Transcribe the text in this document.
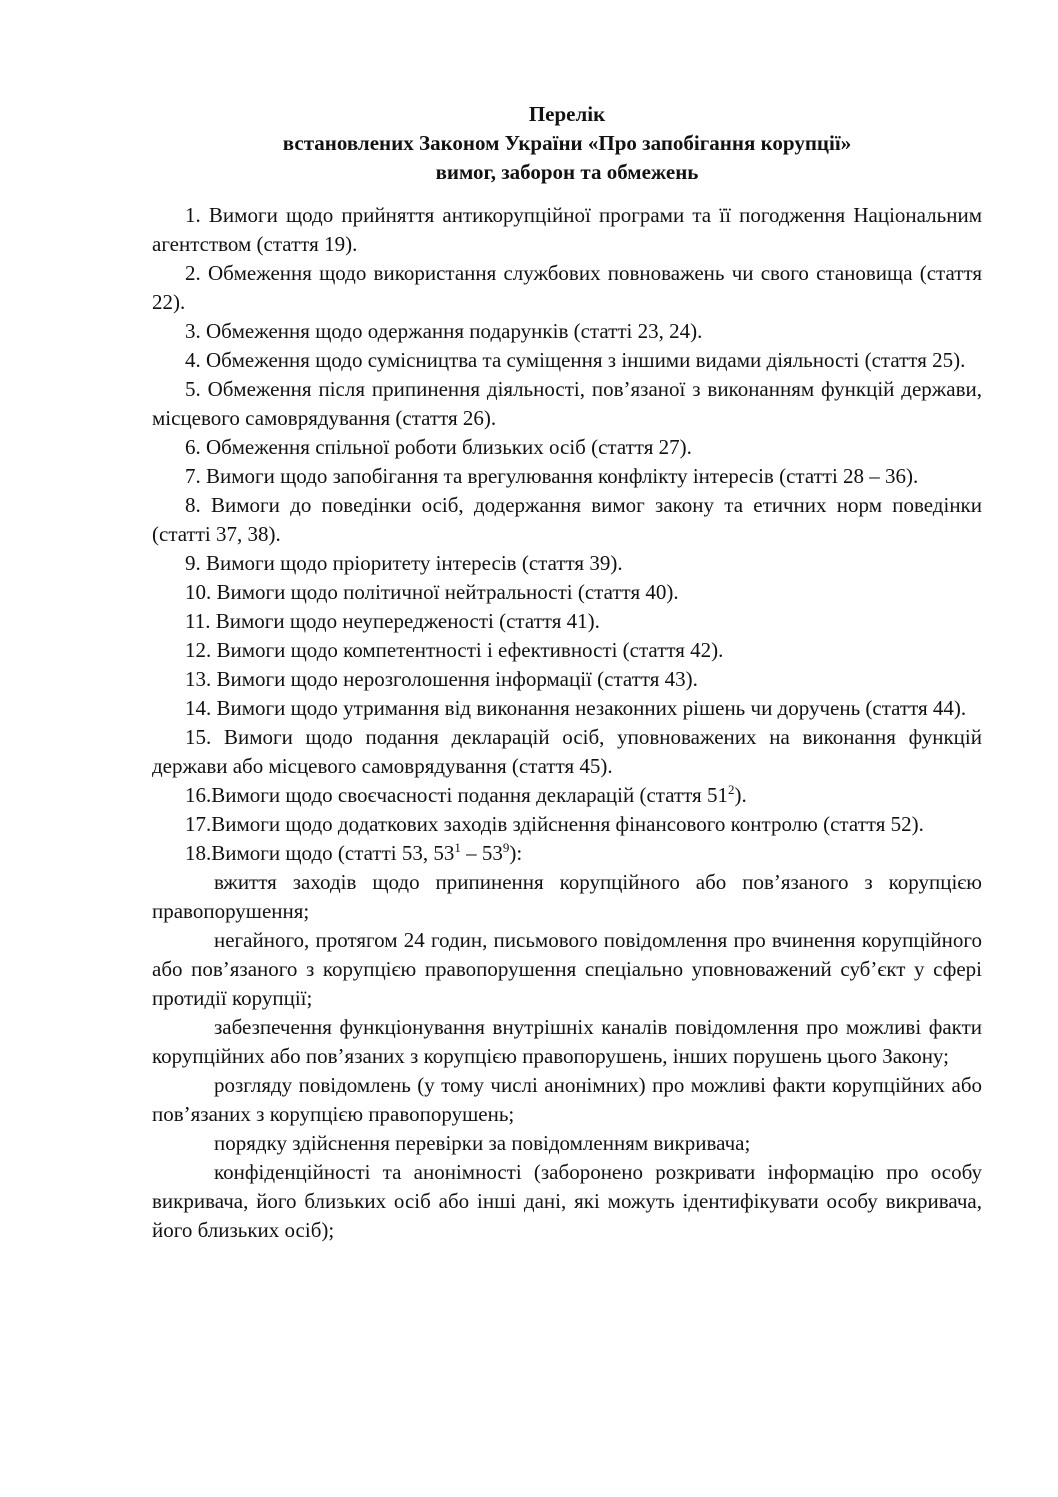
Перелік
встановлених Законом України «Про запобігання корупції»
вимог, заборон та обмежень

1. Вимоги щодо прийняття антикорупційної програми та її погодження Національним агентством (стаття 19).

2. Обмеження щодо використання службових повноважень чи свого становища (стаття 22).

3. Обмеження щодо одержання подарунків (статті 23, 24).

4. Обмеження щодо сумісництва та суміщення з іншими видами діяльності (стаття 25).

5. Обмеження після припинення діяльності, пов’язаної з виконанням функцій держави, місцевого самоврядування (стаття 26).

6. Обмеження спільної роботи близьких осіб (стаття 27).

7. Вимоги щодо запобігання та врегулювання конфлікту інтересів (статті 28 – 36).

8. Вимоги до поведінки осіб, додержання вимог закону та етичних норм поведінки (статті 37, 38).

9. Вимоги щодо пріоритету інтересів (стаття 39).

10. Вимоги щодо політичної нейтральності (стаття 40).

11. Вимоги щодо неупередженості (стаття 41).

12. Вимоги щодо компетентності і ефективності (стаття 42).

13. Вимоги щодо нерозголошення інформації (стаття 43).

14. Вимоги щодо утримання від виконання незаконних рішень чи доручень (стаття 44).

15. Вимоги щодо подання декларацій осіб, уповноважених на виконання функцій держави або місцевого самоврядування (стаття 45).

16.Вимоги щодо своєчасності подання декларацій (стаття $51^2$).

17.Вимоги щодо додаткових заходів здійснення фінансового контролю (стаття 52).

18.Вимоги щодо (статті 53, $53^1 - 53^9$):

вжиття заходів щодо припинення корупційного або пов’язаного з корупцією правопорушення;

негайного, протягом 24 годин, письмового повідомлення про вчинення корупційного або пов’язаного з корупцією правопорушення спеціально уповноважений суб’єкт у сфері протидії корупції;

забезпечення функціонування внутрішніх каналів повідомлення про можливі факти корупційних або пов’язаних з корупцією правопорушень, інших порушень цього Закону;

розгляду повідомлень (у тому числі анонімних) про можливі факти корупційних або пов’язаних з корупцією правопорушень;

порядку здійснення перевірки за повідомленням викривача;

конфіденційності та анонімності (заборонено розкривати інформацію про особу викривача, його близьких осіб або інші дані, які можуть ідентифікувати особу викривача, його близьких осіб);
